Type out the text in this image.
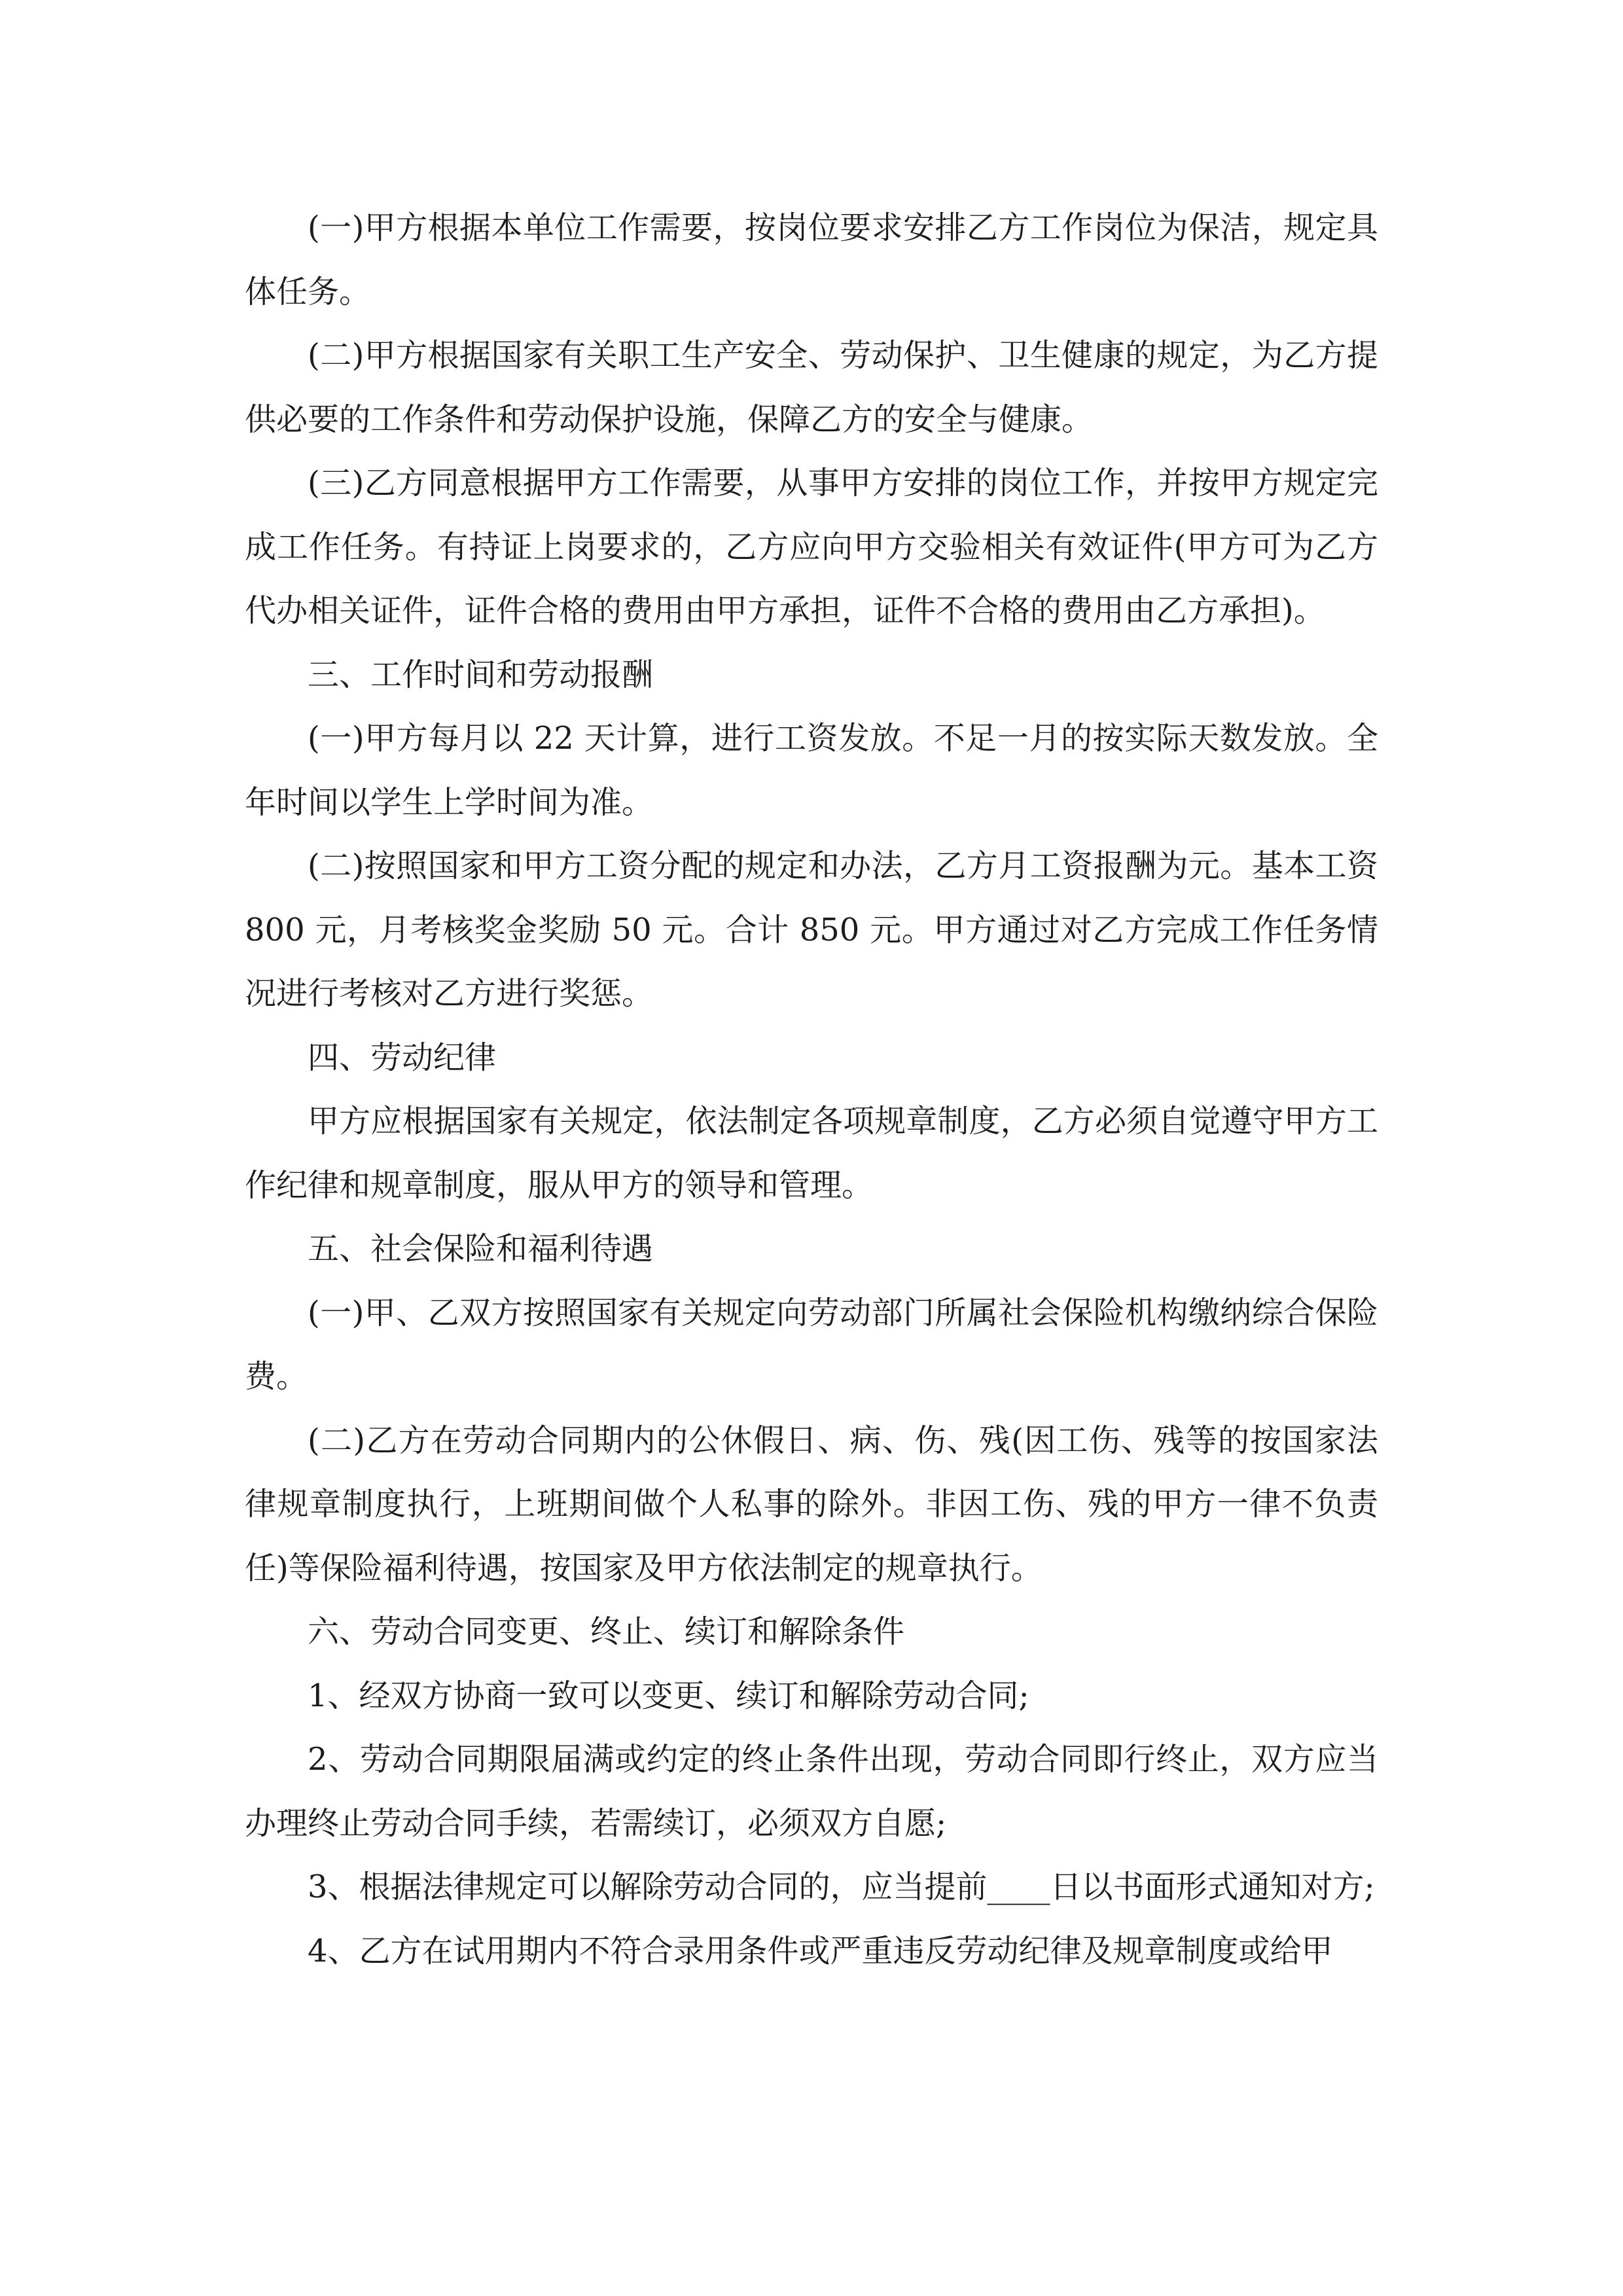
(一)甲方根据本单位工作需要，按岗位要求安排乙方工作岗位为保洁，规定具体任务。

(二)甲方根据国家有关职工生产安全、劳动保护、卫生健康的规定，为乙方提供必要的工作条件和劳动保护设施，保障乙方的安全与健康。

(三)乙方同意根据甲方工作需要，从事甲方安排的岗位工作，并按甲方规定完成工作任务。有持证上岗要求的，乙方应向甲方交验相关有效证件(甲方可为乙方代办相关证件，证件合格的费用由甲方承担，证件不合格的费用由乙方承担)。

三、工作时间和劳动报酬

(一)甲方每月以 22 天计算，进行工资发放。不足一月的按实际天数发放。全年时间以学生上学时间为准。

(二)按照国家和甲方工资分配的规定和办法，乙方月工资报酬为元。基本工资 800 元，月考核奖金奖励 50 元。合计 850 元。甲方通过对乙方完成工作任务情况进行考核对乙方进行奖惩。

四、劳动纪律

甲方应根据国家有关规定，依法制定各项规章制度，乙方必须自觉遵守甲方工作纪律和规章制度，服从甲方的领导和管理。

五、社会保险和福利待遇

(一)甲、乙双方按照国家有关规定向劳动部门所属社会保险机构缴纳综合保险费。

(二)乙方在劳动合同期内的公休假日、病、伤、残(因工伤、残等的按国家法律规章制度执行，上班期间做个人私事的除外。非因工伤、残的甲方一律不负责任)等保险福利待遇，按国家及甲方依法制定的规章执行。

六、劳动合同变更、终止、续订和解除条件

1、经双方协商一致可以变更、续订和解除劳动合同;

2、劳动合同期限届满或约定的终止条件出现，劳动合同即行终止，双方应当办理终止劳动合同手续，若需续订，必须双方自愿;

3、根据法律规定可以解除劳动合同的，应当提前____日以书面形式通知对方;

4、乙方在试用期内不符合录用条件或严重违反劳动纪律及规章制度或给甲
